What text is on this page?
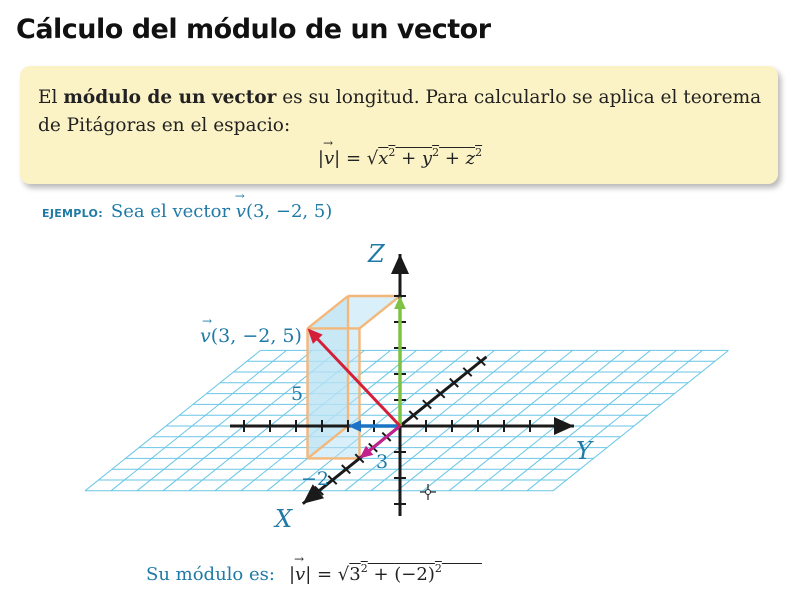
Cálculo del módulo de un vector
El módulo de un vector es su longitud. Para calcularlo se aplica el teorema de Pitágoras en el espacio:
|→ $v| = √x^2 + y^2 + z^2$
EJEMPLO: Sea el vector → v(3, −2, 5)
Z
Y
X
v(3, −2, 5)
→
5
3
−2
Su módulo es: |→ $v| = √3^2 + (-2)^2$
